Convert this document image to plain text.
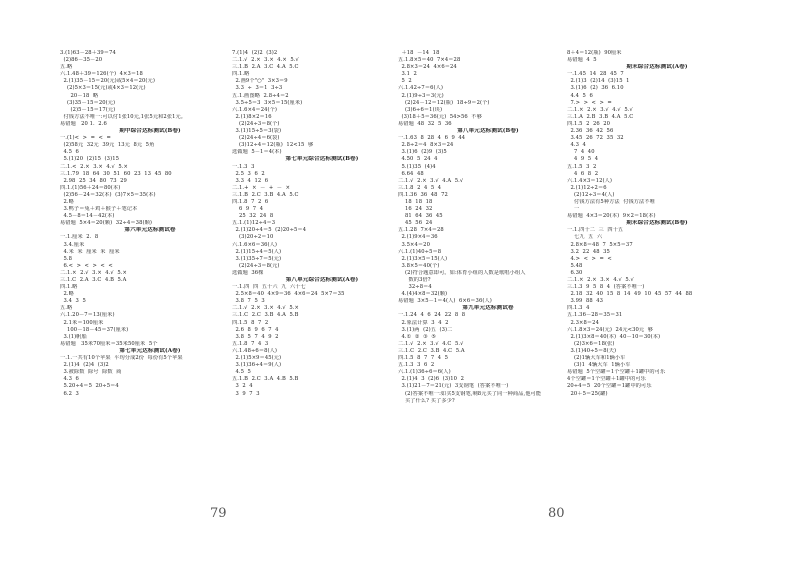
3.(1)63－28＋39＝74
(2)86－35－20
五.略
六.1.48＋39＝126(个)  4×3＝18
2.(1)35－15＝20(元)或5×4＝20(元)
(2)5×3＝15(元)或4×3＝12(元)
20－18  略
(3)35－15＝20(元)
(2)5－15＝17(元)
付钱方法不唯一:可以付1张10元,1张5元和2张1元。
易错题   20 1.  2.6
期中综合达标测试(B卷)
一.(1)<  >  =  <  =
(2)58元  32元  39元  13元  8元  5角
4.5  6
5.(1)20  (2)15  (3)15
二.1.<  2.×  3.×  4.√  5.×
三.1.79  18  64  30  51  60  23  13  45  80
2.98  25  34  80  73  29
四.1.(1)56＋24＝80(本)
(2)56－24＝32(本)  (3)7×5＝35(本)
2.略
3.鸭子＝兔＋鸡＋猴子＋笔记本
4.5－8＝14－42(本)
易错题  5×4＝20(颗)  32÷4＝38(颗)
第六单元达标测试卷
一.1.厘米  2.  8
3.4.厘米
4.米  米  厘米  米  厘米
5.8
6.<  >  <  >  <  <
二.1.×  2.√  3.×  4.√  5.×
三.1.C  2.A  3.C  4.B  5.A
四.1.略
2.略
3.4  3  5
五.略
六.1.20－7＝13(厘米)
2.1米＝100厘米
100－18－45＝37(厘米)
3.(1)帆船
易错题   35米70厘米＝35米50厘米  5个
第七单元达标测试(A卷)
一.1.一共有10个苹果  平均分成2份  每份有5个苹果
2.(1)4  (2)4  (3)2
3.被除数  除号  除数  商
4.3  6
5.20÷4＝5  20÷5＝4
6.2  3
7.(1)4  (2)2  (3)2
二.1.√  2.×  3.×  4.×  5.√
三.1.B  2.A  3.C  4.A  5.C
四.1.略
2.画9个"○"  3×3＝9
3.3  ÷  3＝1  3÷3
五.1.画图略  2.8÷4＝2
3.5÷5＝3  3×5＝15(厘米)
六.1.6×4＝24(个)
2.(1)8×2＝16
(2)24÷3＝8(个)
3.(1)15÷5＝3(袋)
(2)24÷4＝6(袋)
(3)12÷4＝12(瓶)  12<15  够
选做题  5－1＝4(本)
第七单元综合达标测试(B卷)
一.1.3  3
2.5  3  6  2
3.3  4  12  6
二.1.+  ×  －  +  －  ×
三.1.B  2.C  3.B  4.A  5.C
四.1.8  7  2  6
6  9  7  4
25  32  24  8
五.1.(1)12÷4＝3
2.(1)20÷4＝5  (2)20÷5＝4
(3)20÷2＝10
六.1.6×6＝36(人)
2.(1)15÷4＝5(人)
3.(1)35÷7＝5(元)
(2)24÷3＝8(元)
选做题  36棵
第八单元综合达标测试(A卷)
一.1.四  四  五十六  九  六十七
2.5×8＝40  4×9＝36  4×6＝24  5×7＝35
3.8  7  5  3
二.1.√  2.×  3.×  4.√  5.×
三.1.C  2.C  3.B  4.A  5.B
四.1.5  8  7  2
2.6  8  9  6  7  4
3.8  5  7  4  9  2
五.1.8  7  4  3
六.1.48÷6＝8(人)
2.(1)5×9＝45(元)
3.(1)36÷4＝9(人)
4.5  5
五.1.B  2.C  3.A  4.B  5.B
3  2  4
3  9  7  3
＋18  －14  18
五.1.8×5＝40  7×4＝28
2.8×3＝24  4×6＝24
3.1  2
5  2
六.1.42÷7＝6(人)
2.(1)9÷3＝3(元)
(2)24－12＝12(瓶)  18÷9＝2(个)
(3)6÷6＝1(块)
(3)18＋5＝36(元)  54>56  不够
易错题  48  32  5  36
第八单元达标测试(B卷)
一.1.63  8  28  4  6  9  44
2.8÷2＝4  8×3＝24
3.(1)6  (2)9  (3)5
4.50  5  24  4
5.(1)35  (4)4
6.64  48
二.1.√  2.×  3.√  4.A  5.√
三.1.8  2  4  5  4
四.1.36  36  48  72
18  18  18
16  24  32
81  64  36  45
45  56  24
五.1.28  7×4＝28
2.(1)9×4＝36
3.5×4＝20
六.1.(1)40÷5＝8
2.(1)3×5＝15(人)
3.8×5＝40(个)
(2)符合题意即可。如:体育小组的人数是歌唱小组人
数的3倍?
32÷8＝4
4.(4)4×8＝32(颗)
易错题  3×5－1＝4(人)  6×6＝36(人)
第九单元达标测试卷
一.1.24  4  6  24  22  8  8
2.象法计算  3  4  2
3.(1)两  (2)五  (3)二
4.①  ②  ③  ⑤
二.1.√  2.×  3.√  4.C  5.√
三.1.C  2.C  3.B  4.C  5.A
四.1.5  8  7  7  4  5
五.1.3  3  6  2
六.1.(1)36÷6＝6(人)
2.(1)4  3  (2)6  (3)10  2
3.(1)21－7＝21(元)  3支钢笔  (答案不唯一)
(2)答案不唯一:如买5支钢笔,剩8元买了同一种商品,他可能
买了什么? 买了多少?
8＋4＝12(瓶)  90厘米
易错题  4  5
期末综合达标测试(A卷)
一.1.45  14  28  45  7
2.(1)3  (2)14  (3)15  1
3.(1)6  (2)  36  6.10
4.4  5  6
7.>  >  <  >  =
二.1.×  2.×  3.√  4.√  5.√
三.1.A  2.B  3.B  4.A  5.C
四.1.5  2  26  20
2.36  36  42  56
3.45  26  72  35  32
4.3  4
7  4  40
4  9  5  4
五.1.5  3  2
4  6  8  2
六.1.4×3＝12(人)
2.(1)12÷2＝6
(2)12÷3＝4(人)
付钱方法有5种方法  付钱方法不唯
一
易错题  4×3＝20(本)  9×2＝18(本)
期末综合达标测试(B卷)
一.1.四十二  三  四十五
七九  五  六
2.8×8＝48  7  5×5＝37
3.2  22  48  35
4.>  <  >  =  <
5.48
6.30
二.1.×  2.×  3.×  4.√  5.√
三.1.3  9  5  8  4  (答案不唯一)
2.18  32  40  15  8  14  49  10  45  57  44  88
3.99  88  43
四.1.3  4
五.1.36－28＝35＝31
2.3×8＝24
六.1.8×3＝24(元)  24元<30元  够
2.(1)3×8＝40(本)  40－10＝30(本)
(2)3×6＝18(张)
3.(1)40÷5＝8(天)
(2)1辆大车和1辆小车
(3)1  4辆大车  1辆小车
易错题  5个空罐＝1个空罐＋1罐中的可乐
4个空罐＝1个空罐＋1罐中的可乐
20÷4＝5  20个空罐＝1罐中的可乐
20＋5＝25(罐)
79	80
